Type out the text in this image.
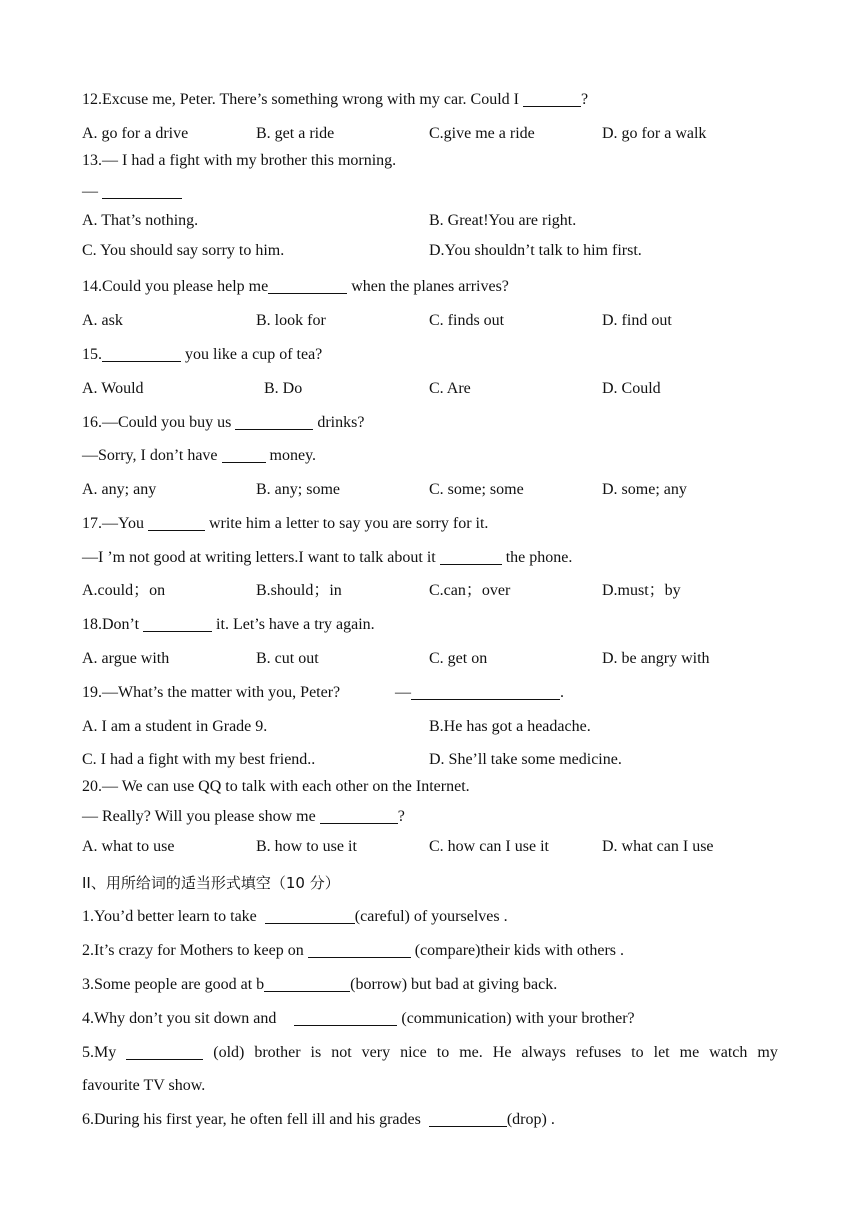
12.Excuse me, Peter. There’s something wrong with my car. Could I	?
A. go for a drive	B. get a ride	C.give me a ride	D. go for a walk
13.— I had a fight with my brother this morning.
—
A. That’s nothing.	B. Great!You are right.
C. You should say sorry to him.	D.You shouldn’t talk to him first.
14.Could you please help me	when the planes arrives?
A. ask	B. look for	C. finds out	D. find out
15.	you like a cup of tea?
A. Would	B. Do	C. Are	D. Could
16.—Could you buy us	drinks?
—Sorry, I don’t have	money.
A. any; any	B. any; some	C. some; some	D. some; any
17.—You	write him a letter to say you are sorry for it.
—I ’m not good at writing letters.I want to talk about it	the phone.
A.could；on	B.should；in	C.can；over	D.must；by
18.Don’t	it. Let’s have a try again.
A. argue with	B. cut out	C. get on	D. be angry with
19.—What’s the matter with you, Peter?	—	.
A. I am a student in Grade 9.	B.He has got a headache.
C. I had a fight with my best friend..	D. She’ll take some medicine.
20.— We can use QQ to talk with each other on the Internet.
— Really? Will you please show me	?
A. what to use	B. how to use it	C. how can I use it	D. what can I use
II、用所给词的适当形式填空（10 分）
1.You’d better learn to take	(careful) of yourselves .
2.It’s crazy for Mothers to keep on	(compare)their kids with others .
3.Some people are good at b	(borrow) but bad at giving back.
4.Why don’t you sit down and	(communication) with your brother?
5.My	(old) brother is not very nice to me. He always refuses to let me watch my
favourite TV show.
6.During his first year, he often fell ill and his grades	(drop) .
